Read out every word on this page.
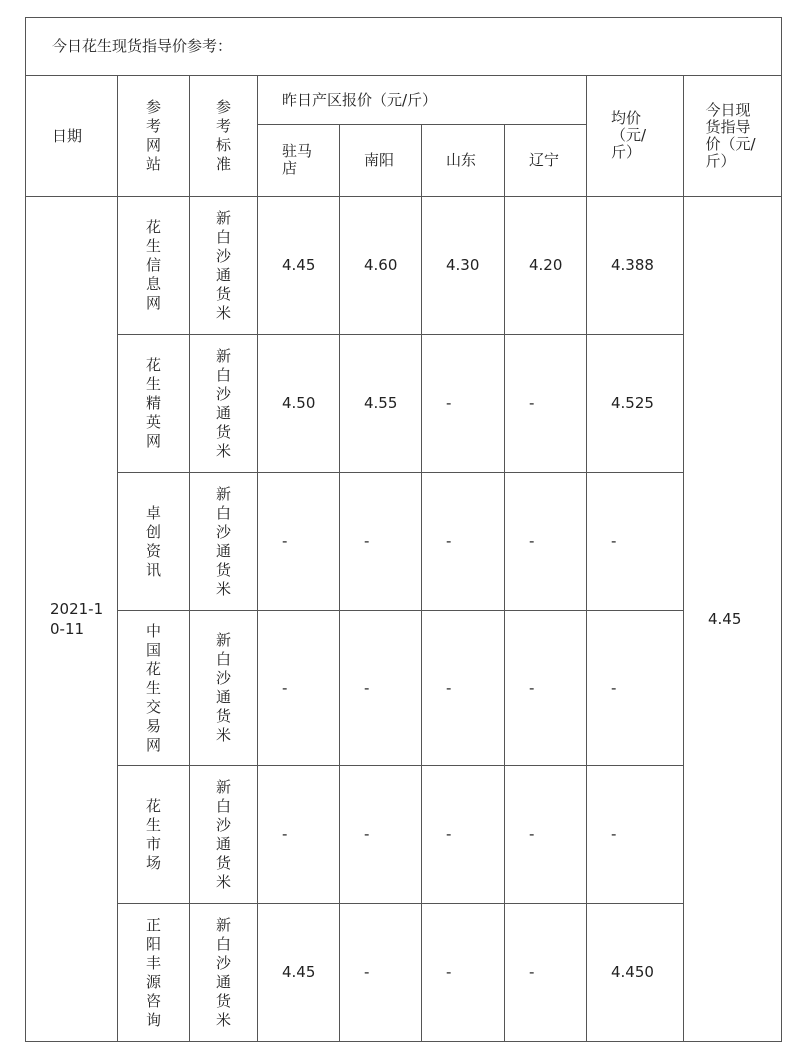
今日花生现货指导价参考：								
日期	参考网站	参考标准	昨日产区报价（元/斤）				均价（元/斤）	今日现货指导价（元/斤）
			驻马店	南阳	山东	辽宁		
2021-10-11	花生信息网	新白沙通货米	4.45	4.60	4.30	4.20	4.388	4.45
	花生精英网	新白沙通货米	4.50	4.55	-	-	4.525	
	卓创资讯	新白沙通货米	-	-	-	-	-	
	中国花生交易网	新白沙通货米	-	-	-	-	-	
	花生市场	新白沙通货米	-	-	-	-	-	
	正阳丰源咨询	新白沙通货米	4.45	-	-	-	4.450	
